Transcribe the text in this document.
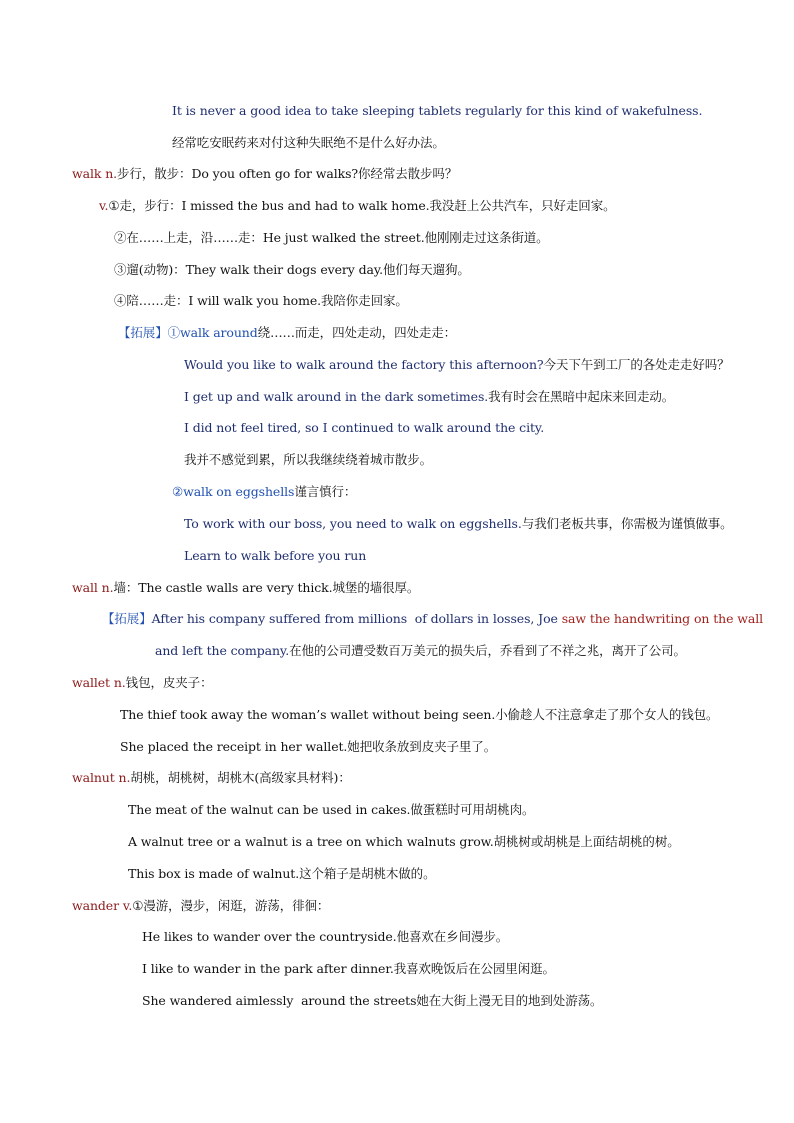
It is never a good idea to take sleeping tablets regularly for this kind of wakefulness.
经常吃安眠药来对付这种失眠绝不是什么好办法。
walk n.步行，散步：Do you often go for walks?你经常去散步吗？
v.①走，步行：I missed the bus and had to walk home.我没赶上公共汽车，只好走回家。
②在……上走，沿……走：He just walked the street.他刚刚走过这条街道。
③遛(动物)：They walk their dogs every day.他们每天遛狗。
④陪……走：I will walk you home.我陪你走回家。
【拓展】①walk around绕……而走，四处走动，四处走走：
Would you like to walk around the factory this afternoon?今天下午到工厂的各处走走好吗？
I get up and walk around in the dark sometimes.我有时会在黑暗中起床来回走动。
I did not feel tired, so I continued to walk around the city.
我并不感觉到累，所以我继续绕着城市散步。
②walk on eggshells谨言慎行：
To work with our boss, you need to walk on eggshells.与我们老板共事，你需极为谨慎做事。
Learn to walk before you run
wall n.墙：The castle walls are very thick.城堡的墙很厚。
【拓展】After his company suffered from millions  of dollars in losses, Joe saw the handwriting on the wall
and left the company.在他的公司遭受数百万美元的损失后，乔看到了不祥之兆，离开了公司。
wallet n.钱包，皮夹子：
The thief took away the woman’s wallet without being seen.小偷趁人不注意拿走了那个女人的钱包。
She placed the receipt in her wallet.她把收条放到皮夹子里了。
walnut n.胡桃，胡桃树，胡桃木(高级家具材料)：
The meat of the walnut can be used in cakes.做蛋糕时可用胡桃肉。
A walnut tree or a walnut is a tree on which walnuts grow.胡桃树或胡桃是上面结胡桃的树。
This box is made of walnut.这个箱子是胡桃木做的。
wander v.①漫游，漫步，闲逛，游荡，徘徊：
He likes to wander over the countryside.他喜欢在乡间漫步。
I like to wander in the park after dinner.我喜欢晚饭后在公园里闲逛。
She wandered aimlessly  around the streets她在大街上漫无目的地到处游荡。
